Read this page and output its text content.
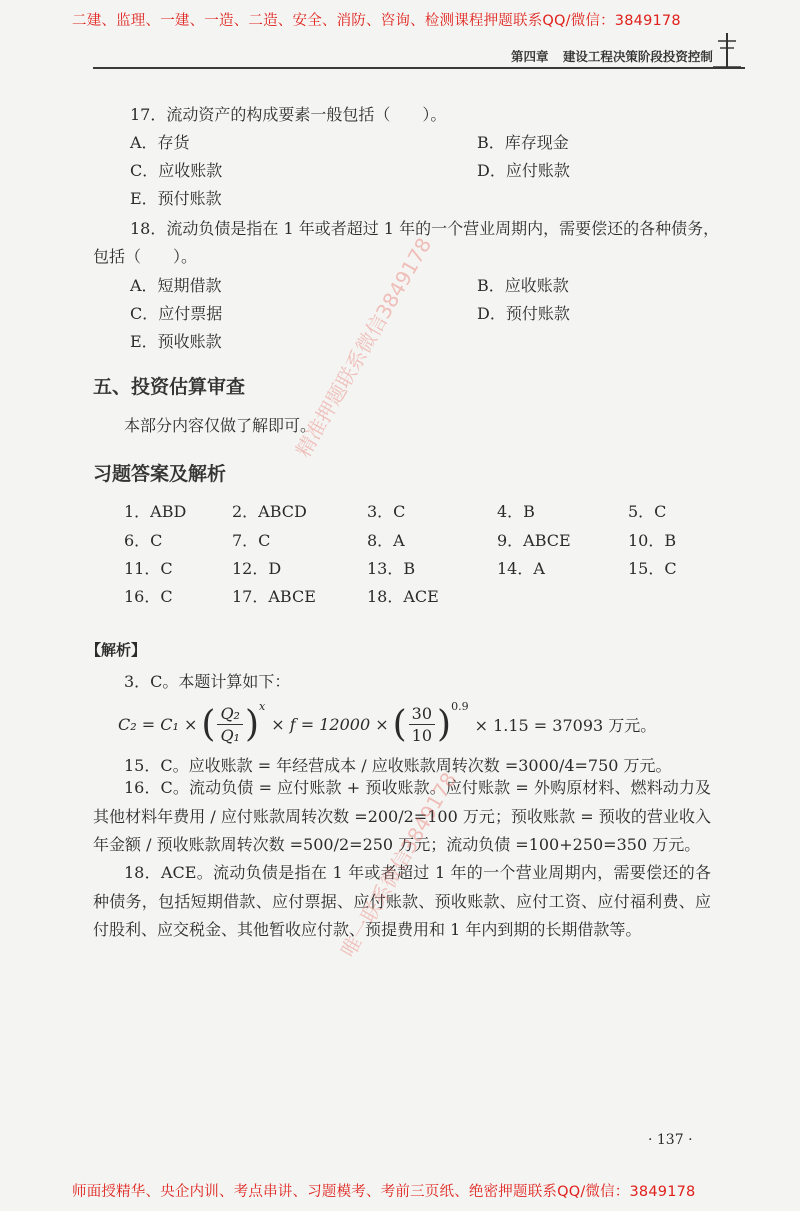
二建、监理、一建、一造、二造、安全、消防、咨询、检测课程押题联系QQ/微信：3849178
第四章 建设工程决策阶段投资控制
17．流动资产的构成要素一般包括（　　）。
A．存货	B．库存现金
C．应收账款	D．应付账款
E．预付账款
18．流动负债是指在 1 年或者超过 1 年的一个营业周期内，需要偿还的各种债务，
包括（　　）。
A．短期借款	B．应收账款
C．应付票据	D．预付账款
E．预收账款
五、投资估算审查
本部分内容仅做了解即可。
习题答案及解析
1．ABD	2．ABCD	3．C	4．B	5．C
6．C	7．C	8．A	9．ABCE	10．B
11．C	12．D	13．B	14．A	15．C
16．C	17．ABCE	18．ACE
【解析】
3．C。本题计算如下：
C₂ = C₁ × ( $\frac{\text{Q₂}}{\text{Q₁}} )^x$
× f = 12000 × ( $\frac{30}{10} )^{0.9}$
× 1.15 = 37093 万元。
15．C。应收账款 = 年经营成本 / 应收账款周转次数 =3000/4=750 万元。
16．C。流动负债 = 应付账款 + 预收账款。应付账款 = 外购原材料、燃料动力及其他材料年费用 / 应付账款周转次数 =200/2=100 万元；预收账款 = 预收的营业收入年金额 / 预收账款周转次数 =500/2=250 万元；流动负债 =100+250=350 万元。
18．ACE。流动负债是指在 1 年或者超过 1 年的一个营业周期内，需要偿还的各种债务，包括短期借款、应付票据、应付账款、预收账款、应付工资、应付福利费、应付股利、应交税金、其他暂收应付款、预提费用和 1 年内到期的长期借款等。
精准押题联系微信3849178
唯一联系微信3849178
· 137 ·
师面授精华、央企内训、考点串讲、习题模考、考前三页纸、绝密押题联系QQ/微信：3849178
